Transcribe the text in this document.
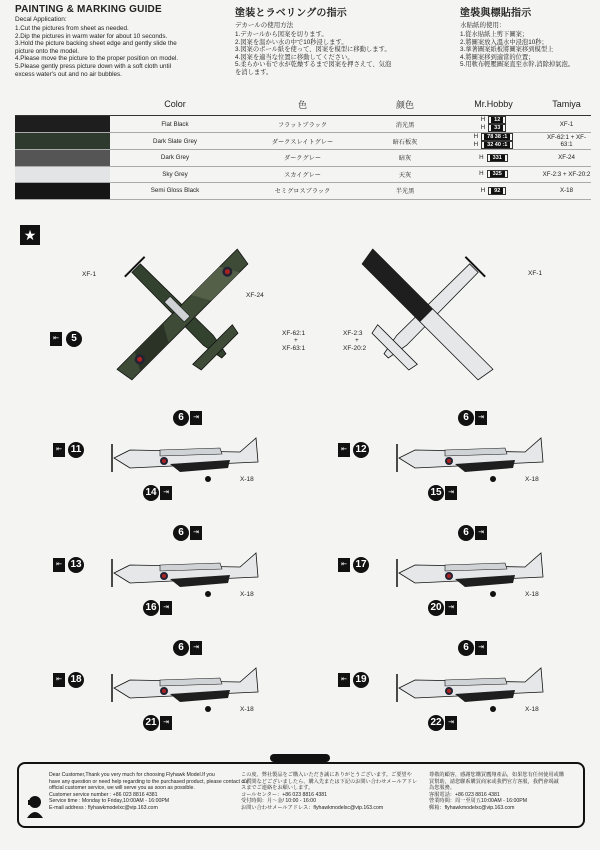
PAINTING & MARKING GUIDE
Decal Application:
1.Cut the pictures from sheet as needed.
2.Dip the pictures in warm water for about 10 seconds.
3.Hold the picture backing sheet edge and gently slide the
picture onto the model.
4.Please move the picture to the proper position on model.
5.Please gently press picture down with a soft cloth until
excess water's out and no air bubbles.
塗装とラベリングの指示
デカールの使用方法
1.デカールから図案を切ります。
2.図案を温かい水の中で10秒浸します。
3.図案のボール紙を使って、図案を模型に移動します。
4.図案を適当な位置に移動してください。
5.柔らかい布で水が乾燥するまで図案を押さえて、気泡
を消します。
塗裝與標貼指示
水貼紙的使用：
1.從水貼紙上剪下圖案；
2.將圖案放入溫水中浸泡10秒；
3.拿著圖案紙板將圖案移到模型上
4.將圖案移到適當的位置；
5.用軟布輕壓圖案直至水幹,消除掉氣泡。
	Color	色	颜色	Mr.Hobby	Tamiya
	Flat Black	フラットブラック	消光黑	H 12
H 33	XF-1
	Dark Slate Grey	ダークスレイトグレー	暗石板灰	H 78 38 :1
H 32 40 :1	XF-62:1 + XF-63:1
	Dark Grey	ダークグレー	暗灰	H 331	XF-24
	Sky Grey	スカイグレー	天灰	H 325	XF-2:3 + XF-20:2
	Semi Gloss Black	セミグロスブラック	半光黑	H 92	X-18
★
XF-1
XF-24
XF-62:1
+
XF-63:1
⇤	5
XF-1
XF-2:3
+
XF-20:2
⇤ 11
6	⇥
14 ⇥
X-18
⇤ 12
6	⇥
15 ⇥
X-18
⇤ 13
6	⇥
16 ⇥
X-18
⇤ 17
6	⇥
20 ⇥
X-18
⇤ 18
6	⇥
21 ⇥
X-18
⇤ 19
6	⇥
22 ⇥
X-18
Dear Customer,Thank you very much for choosing Flyhawk Model.If you
have any question or need help regarding to the purchased product, please contact our
official customer service, we will serve you as soon as possible.
Customer service number : +86 023 8816 4381
Service time : Monday to Friday,10:00AM - 16:00PM
E-mail address : flyhawkmodelxc@vip.163.com
この度、弊社製品をご購入いただき誠にありがとうございます。ご要望や
ご質問などございましたら、購入先または下記のお問い合わせメールアドレ
スまでご連絡をお願いします。
コールセンター：+86 023 8816 4381
受付時間：月～金/ 10:00 - 16:00
お問い合わせメールアドレス：flyhawkmodelxc@vip.163.com
尊敬的顧客，感謝您購買鷹翔產品，如果您有任何使用或購
買幫助，請您聯系購買商家或我們官方客服，我們會竭誠
為您服務。
客服電話：+86 023 8816 4381
營業時間：周一至周五10:00AM - 16:00PM
郵箱：flyhawkmodelxc@vip.163.com
